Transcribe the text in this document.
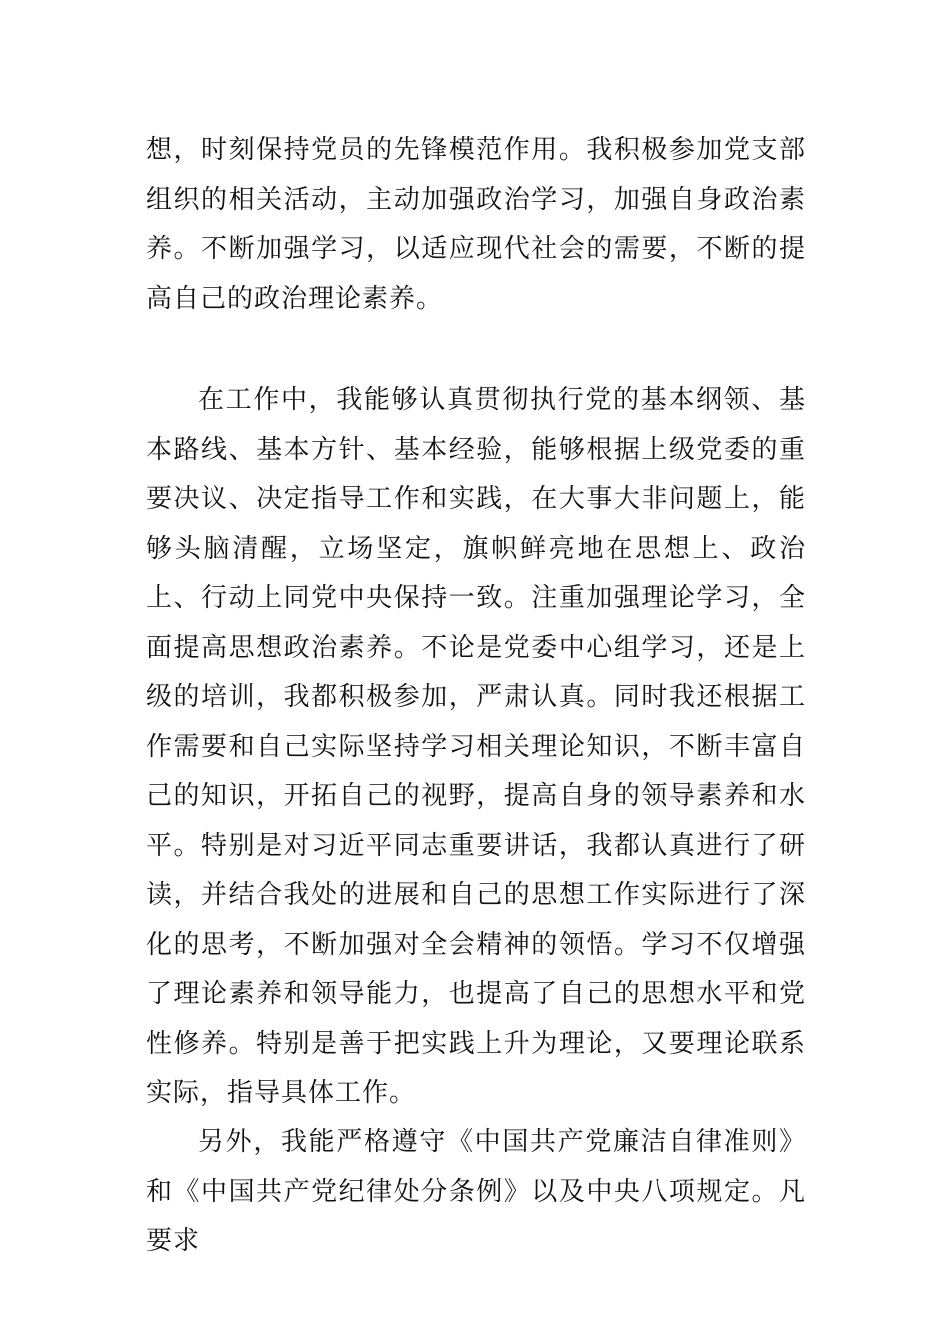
想，时刻保持党员的先锋模范作用。我积极参加党支部组织的相关活动，主动加强政治学习，加强自身政治素养。不断加强学习，以适应现代社会的需要，不断的提高自己的政治理论素养。

在工作中，我能够认真贯彻执行党的基本纲领、基本路线、基本方针、基本经验，能够根据上级党委的重要决议、决定指导工作和实践，在大事大非问题上，能够头脑清醒，立场坚定，旗帜鲜亮地在思想上、政治上、行动上同党中央保持一致。注重加强理论学习，全面提高思想政治素养。不论是党委中心组学习，还是上级的培训，我都积极参加，严肃认真。同时我还根据工作需要和自己实际坚持学习相关理论知识，不断丰富自己的知识，开拓自己的视野，提高自身的领导素养和水平。特别是对习近平同志重要讲话，我都认真进行了研读，并结合我处的进展和自己的思想工作实际进行了深化的思考，不断加强对全会精神的领悟。学习不仅增强了理论素养和领导能力，也提高了自己的思想水平和党性修养。特别是善于把实践上升为理论，又要理论联系实际，指导具体工作。

另外，我能严格遵守《中国共产党廉洁自律准则》和《中国共产党纪律处分条例》以及中央八项规定。凡要求
